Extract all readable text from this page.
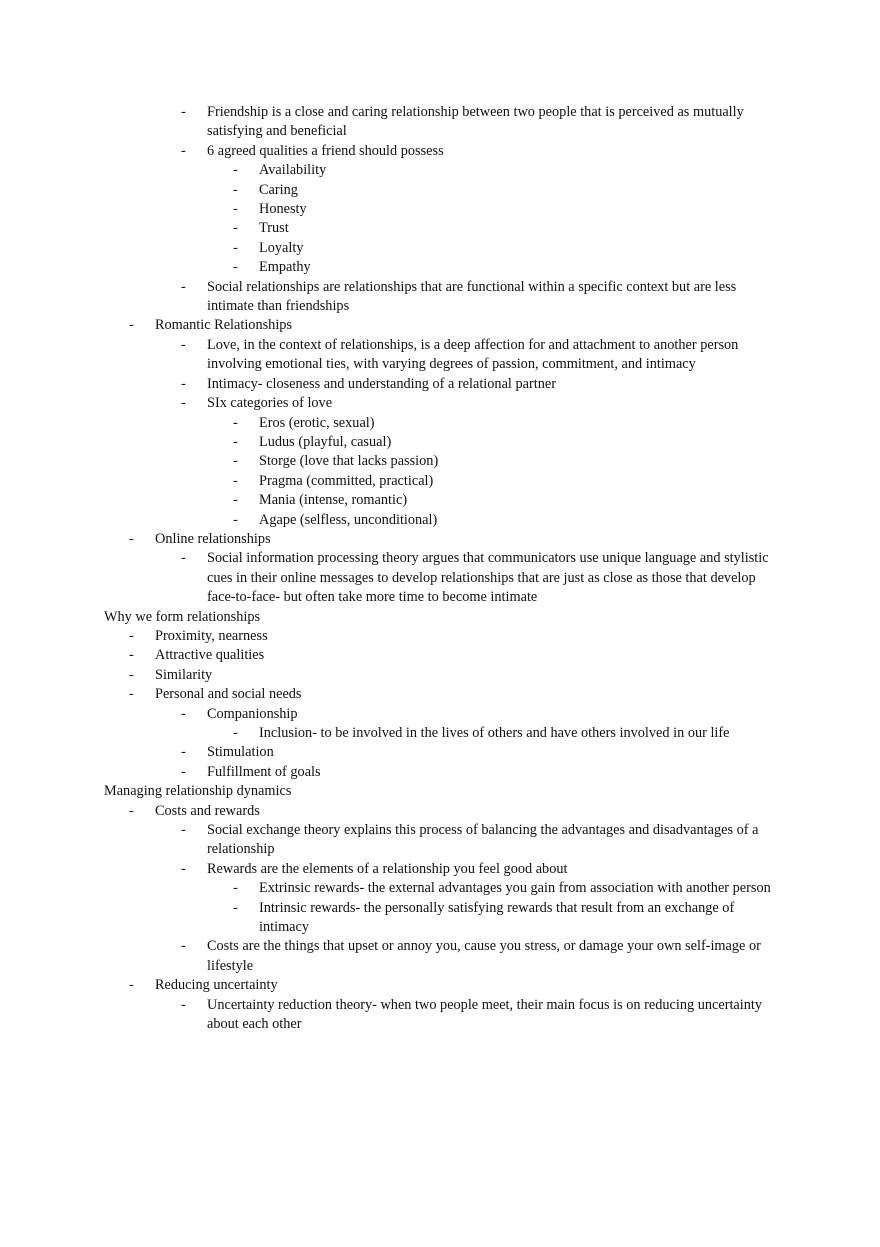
- Friendship is a close and caring relationship between two people that is perceived as mutually satisfying and beneficial
- 6 agreed qualities a friend should possess
- Availability
- Caring
- Honesty
- Trust
- Loyalty
- Empathy
- Social relationships are relationships that are functional within a specific context but are less intimate than friendships
- Romantic Relationships
- Love, in the context of relationships, is a deep affection for and attachment to another person involving emotional ties, with varying degrees of passion, commitment, and intimacy
- Intimacy- closeness and understanding of a relational partner
- SIx categories of love
- Eros (erotic, sexual)
- Ludus (playful, casual)
- Storge (love that lacks passion)
- Pragma (committed, practical)
- Mania (intense, romantic)
- Agape (selfless, unconditional)
- Online relationships
- Social information processing theory argues that communicators use unique language and stylistic cues in their online messages to develop relationships that are just as close as those that develop face-to-face- but often take more time to become intimate
Why we form relationships
- Proximity, nearness
- Attractive qualities
- Similarity
- Personal and social needs
- Companionship
- Inclusion- to be involved in the lives of others and have others involved in our life
- Stimulation
- Fulfillment of goals
Managing relationship dynamics
- Costs and rewards
- Social exchange theory explains this process of balancing the advantages and disadvantages of a relationship
- Rewards are the elements of a relationship you feel good about
- Extrinsic rewards- the external advantages you gain from association with another person
- Intrinsic rewards- the personally satisfying rewards that result from an exchange of intimacy
- Costs are the things that upset or annoy you, cause you stress, or damage your own self-image or lifestyle
- Reducing uncertainty
- Uncertainty reduction theory- when two people meet, their main focus is on reducing uncertainty about each other
